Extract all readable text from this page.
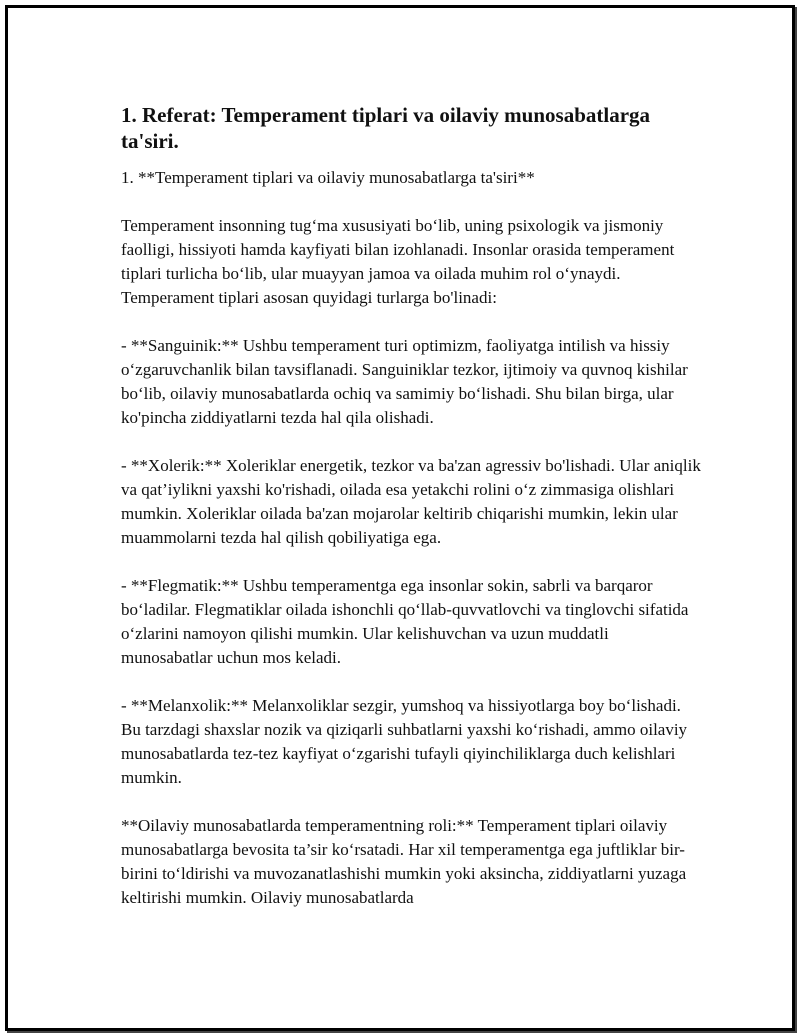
1. Referat: Temperament tiplari va oilaviy munosabatlarga ta'siri.

1. **Temperament tiplari va oilaviy munosabatlarga ta'siri**

Temperament insonning tug‘ma xususiyati bo‘lib, uning psixologik va jismoniy faolligi, hissiyoti hamda kayfiyati bilan izohlanadi. Insonlar orasida temperament tiplari turlicha bo‘lib, ular muayyan jamoa va oilada muhim rol o‘ynaydi. Temperament tiplari asosan quyidagi turlarga bo'linadi:

- **Sanguinik:** Ushbu temperament turi optimizm, faoliyatga intilish va hissiy o‘zgaruvchanlik bilan tavsiflanadi. Sanguiniklar tezkor, ijtimoiy va quvnoq kishilar bo‘lib, oilaviy munosabatlarda ochiq va samimiy bo‘lishadi. Shu bilan birga, ular ko'pincha ziddiyatlarni tezda hal qila olishadi.

- **Xolerik:** Xoleriklar energetik, tezkor va ba'zan agressiv bo'lishadi. Ular aniqlik va qat’iylikni yaxshi ko'rishadi, oilada esa yetakchi rolini o‘z zimmasiga olishlari mumkin. Xoleriklar oilada ba'zan mojarolar keltirib chiqarishi mumkin, lekin ular muammolarni tezda hal qilish qobiliyatiga ega.

- **Flegmatik:** Ushbu temperamentga ega insonlar sokin, sabrli va barqaror bo‘ladilar. Flegmatiklar oilada ishonchli qo‘llab-quvvatlovchi va tinglovchi sifatida o‘zlarini namoyon qilishi mumkin. Ular kelishuvchan va uzun muddatli munosabatlar uchun mos keladi.

- **Melanxolik:** Melanxoliklar sezgir, yumshoq va hissiyotlarga boy bo‘lishadi. Bu tarzdagi shaxslar nozik va qiziqarli suhbatlarni yaxshi ko‘rishadi, ammo oilaviy munosabatlarda tez-tez kayfiyat o‘zgarishi tufayli qiyinchiliklarga duch kelishlari mumkin.

**Oilaviy munosabatlarda temperamentning roli:** Temperament tiplari oilaviy munosabatlarga bevosita ta’sir ko‘rsatadi. Har xil temperamentga ega juftliklar bir-birini to‘ldirishi va muvozanatlashishi mumkin yoki aksincha, ziddiyatlarni yuzaga keltirishi mumkin. Oilaviy munosabatlarda
